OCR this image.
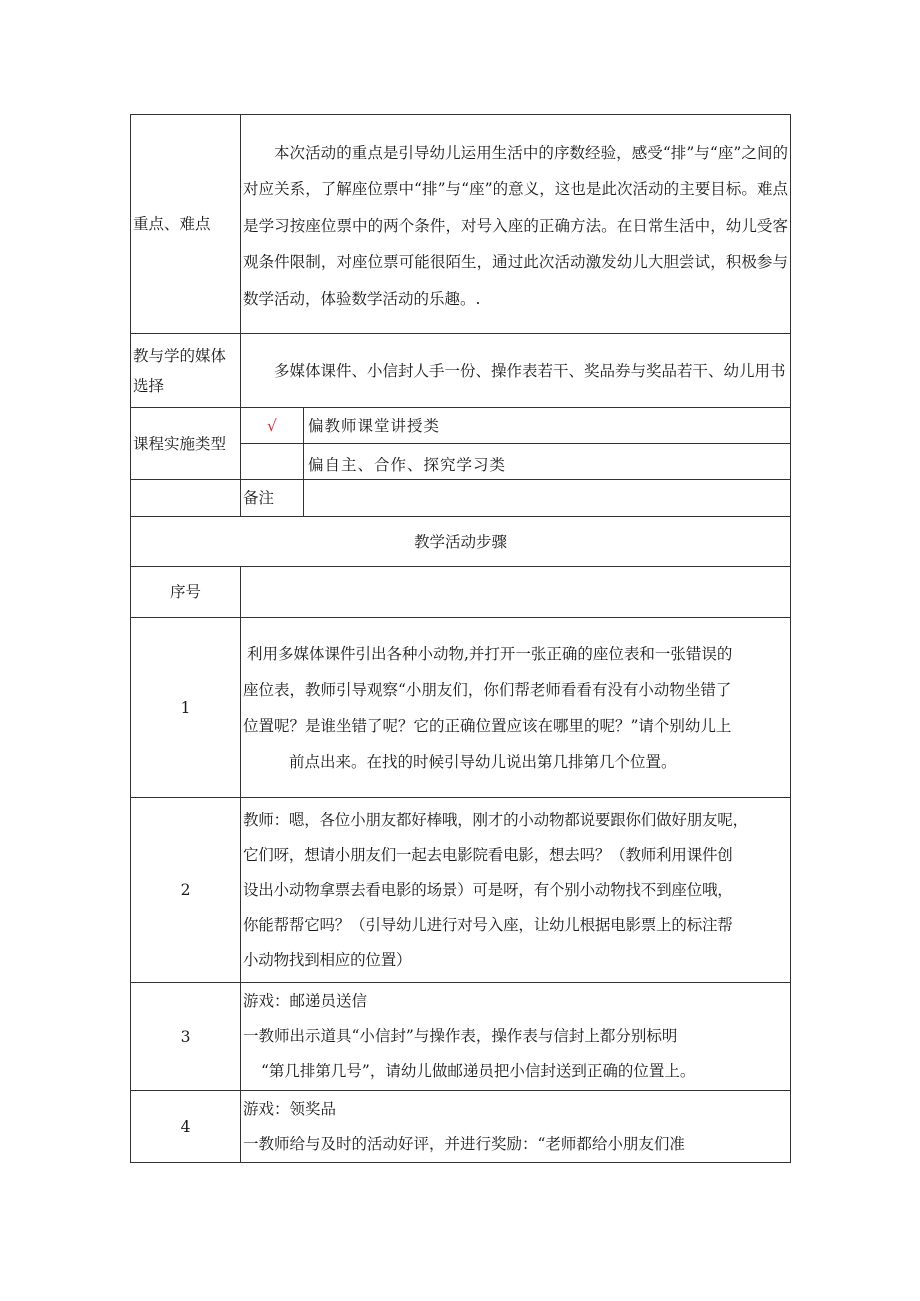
重点、难点	本次活动的重点是引导幼儿运用生活中的序数经验，感受“排”与“座”之间的对应关系，了解座位票中“排”与“座”的意义，这也是此次活动的主要目标。难点是学习按座位票中的两个条件，对号入座的正确方法。在日常生活中，幼儿受客观条件限制，对座位票可能很陌生，通过此次活动激发幼儿大胆尝试，积极参与数学活动，体验数学活动的乐趣。.	

教与学的媒体选择	多媒体课件、小信封人手一份、操作表若干、奖品券与奖品若干、幼儿用书	

课程实施类型	√	偏教师课堂讲授类
		偏自主、合作、探究学习类
	备注	
教学活动步骤		
序号		
1	利用多媒体课件引出各种小动物,并打开一张正确的座位表和一张错误的
座位表，教师引导观察“小朋友们，你们帮老师看看有没有小动物坐错了
位置呢？是谁坐错了呢？它的正确位置应该在哪里的呢？”请个别幼儿上
前点出来。在找的时候引导幼儿说出第几排第几个位置。	

2	教师：嗯，各位小朋友都好棒哦，刚才的小动物都说要跟你们做好朋友呢，
它们呀，想请小朋友们一起去电影院看电影，想去吗？（教师利用课件创
设出小动物拿票去看电影的场景）可是呀，有个别小动物找不到座位哦，
你能帮帮它吗？（引导幼儿进行对号入座，让幼儿根据电影票上的标注帮
小动物找到相应的位置）	

3	游戏：邮递员送信
一教师出示道具“小信封”与操作表，操作表与信封上都分别标明
“第几排第几号”，请幼儿做邮递员把小信封送到正确的位置上。	

4	游戏：领奖品
一教师给与及时的活动好评，并进行奖励：“老师都给小朋友们准	
